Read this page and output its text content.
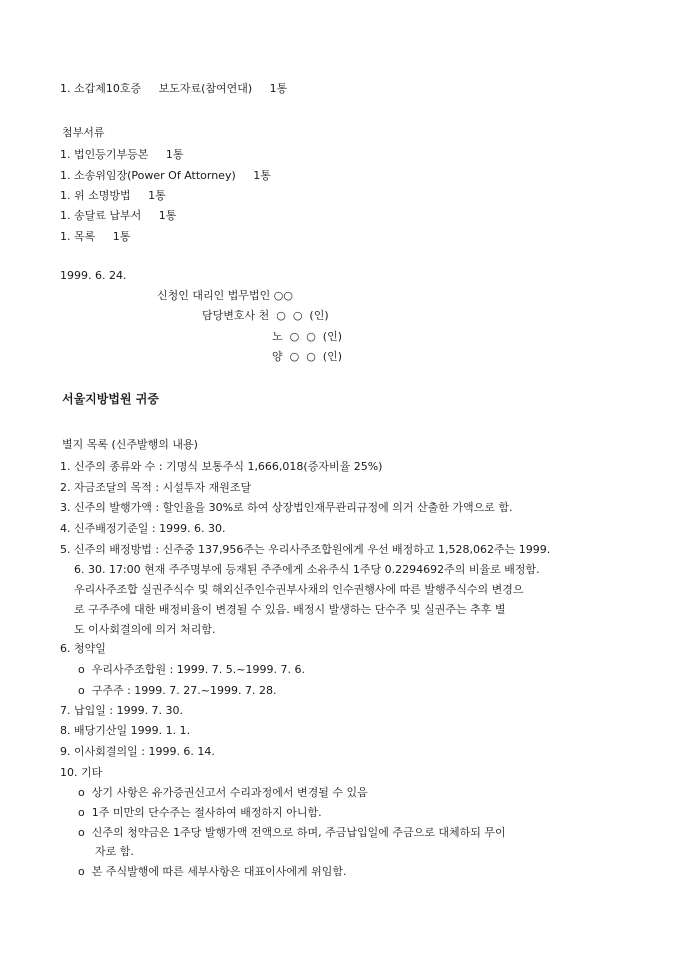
1. 소갑제10호증     보도자료(참여연대)     1통
첨부서류
1. 법인등기부등본     1통
1. 소송위임장(Power Of Attorney)     1통
1. 위 소명방법     1통
1. 송달료 납부서     1통
1. 목록     1통
1999. 6. 24.
신청인 대리인 법무법인 ○○
담당변호사 천  ○  ○  (인)
노  ○  ○  (인)
양  ○  ○  (인)
서울지방법원 귀중
별지 목록 (신주발행의 내용)
1. 신주의 종류와 수 : 기명식 보통주식 1,666,018(증자비율 25%)
2. 자금조달의 목적 : 시설투자 재원조달
3. 신주의 발행가액 : 할인율을 30%로 하여 상장법인재무관리규정에 의거 산출한 가액으로 함.
4. 신주배정기준일 : 1999. 6. 30.
5. 신주의 배정방법 : 신주중 137,956주는 우리사주조합원에게 우선 배정하고 1,528,062주는 1999.
6. 30. 17:00 현재 주주명부에 등재된 주주에게 소유주식 1주당 0.2294692주의 비율로 배정함.
우리사주조합 실권주식수 및 해외신주인수권부사채의 인수권행사에 따른 발행주식수의 변경으
로 구주주에 대한 배정비율이 변경될 수 있음. 배정시 발생하는 단수주 및 실권주는 추후 별
도 이사회결의에 의거 처리함.
6. 청약일
o  우리사주조합원 : 1999. 7. 5.~1999. 7. 6.
o  구주주 : 1999. 7. 27.~1999. 7. 28.
7. 납입일 : 1999. 7. 30.
8. 배당기산일 1999. 1. 1.
9. 이사회결의일 : 1999. 6. 14.
10. 기타
o  상기 사항은 유가증권신고서 수리과정에서 변경될 수 있음
o  1주 미만의 단수주는 절사하여 배정하지 아니함.
o  신주의 청약금은 1주당 발행가액 전액으로 하며, 주금납입일에 주금으로 대체하되 무이
자로 함.
o  본 주식발행에 따른 세부사항은 대표이사에게 위임함.
